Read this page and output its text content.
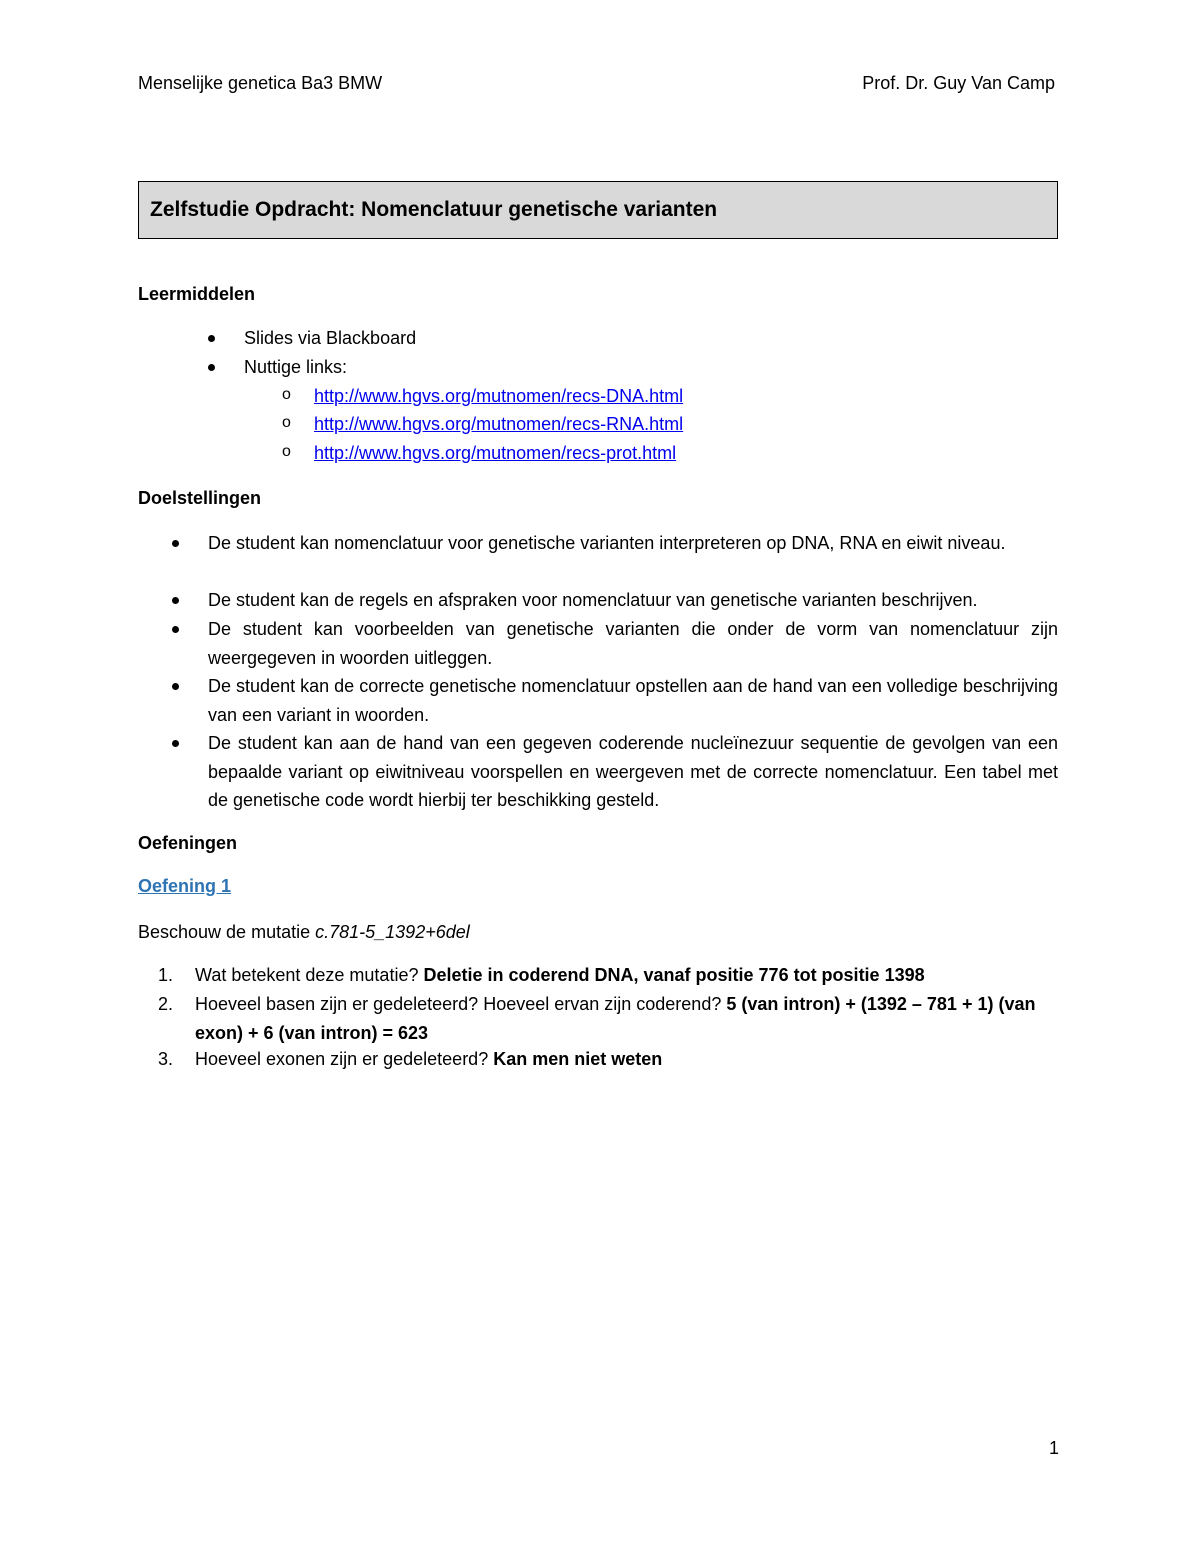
Menselijke genetica Ba3 BMW	Prof. Dr. Guy Van Camp
Zelfstudie Opdracht: Nomenclatuur genetische varianten
Leermiddelen
Slides via Blackboard
Nuttige links:
o http://www.hgvs.org/mutnomen/recs-DNA.html
o http://www.hgvs.org/mutnomen/recs-RNA.html
o http://www.hgvs.org/mutnomen/recs-prot.html
Doelstellingen
De student kan nomenclatuur voor genetische varianten interpreteren op DNA, RNA en eiwit niveau.
De student kan de regels en afspraken voor nomenclatuur van genetische varianten beschrijven.
De student kan voorbeelden van genetische varianten die onder de vorm van nomenclatuur zijn weergegeven in woorden uitleggen.
De student kan de correcte genetische nomenclatuur opstellen aan de hand van een volledige beschrijving van een variant in woorden.
De student kan aan de hand van een gegeven coderende nucleïnezuur sequentie de gevolgen van een bepaalde variant op eiwitniveau voorspellen en weergeven met de correcte nomenclatuur. Een tabel met de genetische code wordt hierbij ter beschikking gesteld.
Oefeningen
Oefening 1
Beschouw de mutatie c.781-5_1392+6del
1. Wat betekent deze mutatie? Deletie in coderend DNA, vanaf positie 776 tot positie 1398
2. Hoeveel basen zijn er gedeleteerd? Hoeveel ervan zijn coderend? 5 (van intron) + (1392 – 781 + 1) (van exon) + 6 (van intron) = 623
3. Hoeveel exonen zijn er gedeleteerd? Kan men niet weten
1
